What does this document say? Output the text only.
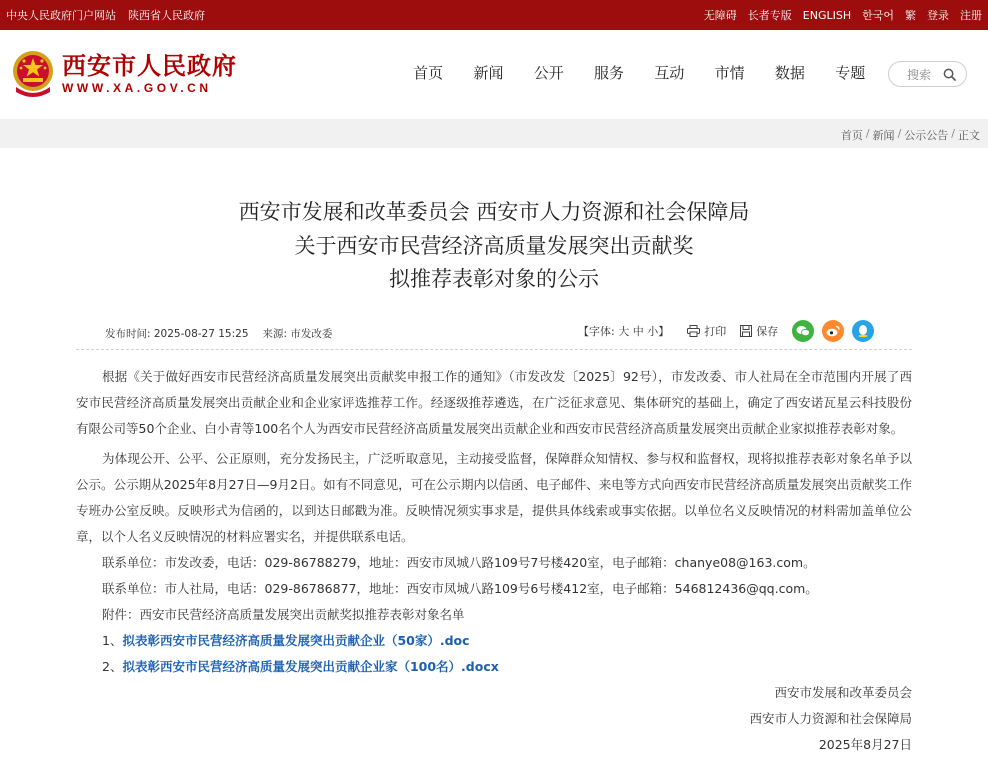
中央人民政府门户网站 陕西省人民政府	无障碍 长者专版 ENGLISH 한국어 繁 登录 注册
西安市人民政府
WWW.XA.GOV.CN
首页	新闻	公开	服务	互动	市情	数据	专题	搜索
首页 / 新闻 / 公示公告 / 正文
西安市发展和改革委员会 西安市人力资源和社会保障局
关于西安市民营经济高质量发展突出贡献奖
拟推荐表彰对象的公示
发布时间: 2025-08-27 15:25 来源: 市发改委	【字体: 大 中 小】	打印	保存

根据《关于做好西安市民营经济高质量发展突出贡献奖申报工作的通知》（市发改发〔2025〕92号），市发改委、市人社局在全市范围内开展了西安市民营经济高质量发展突出贡献企业和企业家评选推荐工作。经逐级推荐遴选，在广泛征求意见、集体研究的基础上，确定了西安诺瓦星云科技股份有限公司等50个企业、白小青等100名个人为西安市民营经济高质量发展突出贡献企业和西安市民营经济高质量发展突出贡献企业家拟推荐表彰对象。

为体现公开、公平、公正原则，充分发扬民主，广泛听取意见，主动接受监督，保障群众知情权、参与权和监督权，现将拟推荐表彰对象名单予以公示。公示期从2025年8月27日—9月2日。如有不同意见，可在公示期内以信函、电子邮件、来电等方式向西安市民营经济高质量发展突出贡献奖工作专班办公室反映。反映形式为信函的，以到达日邮戳为准。反映情况须实事求是，提供具体线索或事实依据。以单位名义反映情况的材料需加盖单位公章，以个人名义反映情况的材料应署实名，并提供联系电话。

联系单位：市发改委，电话：029-86788279，地址：西安市凤城八路109号7号楼420室，电子邮箱：chanye08@163.com。

联系单位：市人社局，电话：029-86786877，地址：西安市凤城八路109号6号楼412室，电子邮箱：546812436@qq.com。

附件：西安市民营经济高质量发展突出贡献奖拟推荐表彰对象名单

1、拟表彰西安市民营经济高质量发展突出贡献企业（50家）.doc

2、拟表彰西安市民营经济高质量发展突出贡献企业家（100名）.docx

西安市发展和改革委员会
西安市人力资源和社会保障局
2025年8月27日
